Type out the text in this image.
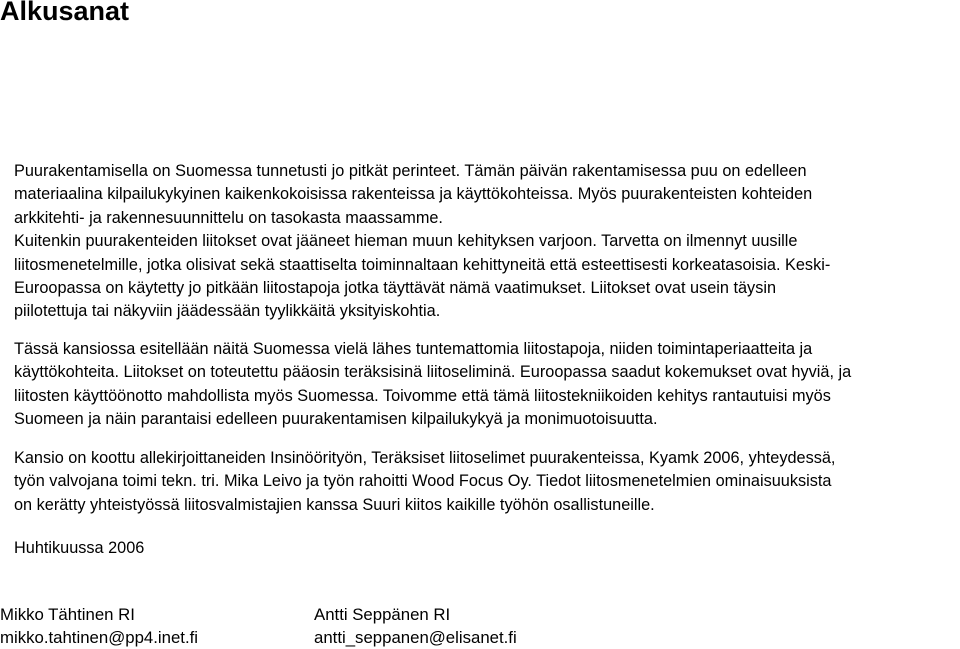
Alkusanat
Puurakentamisella on Suomessa tunnetusti jo pitkät perinteet. Tämän päivän rakentamisessa puu on edelleen
materiaalina kilpailukykyinen kaikenkokoisissa rakenteissa ja käyttökohteissa. Myös puurakenteisten kohteiden
arkkitehti- ja rakennesuunnittelu on tasokasta maassamme.
Kuitenkin puurakenteiden liitokset ovat jääneet hieman muun kehityksen varjoon. Tarvetta on ilmennyt uusille
liitosmenetelmille, jotka olisivat sekä staattiselta toiminnaltaan kehittyneitä että esteettisesti korkeatasoisia. Keski-
Euroopassa on käytetty jo pitkään liitostapoja jotka täyttävät nämä vaatimukset. Liitokset ovat usein täysin
piilotettuja tai näkyviin jäädessään tyylikkäitä yksityiskohtia.
Tässä kansiossa esitellään näitä Suomessa vielä lähes tuntemattomia liitostapoja, niiden toimintaperiaatteita ja
käyttökohteita. Liitokset on toteutettu pääosin teräksisinä liitoseliminä. Euroopassa saadut kokemukset ovat hyviä, ja
liitosten käyttöönotto mahdollista myös Suomessa. Toivomme että tämä liitostekniikoiden kehitys rantautuisi myös
Suomeen ja näin parantaisi edelleen puurakentamisen kilpailukykyä ja monimuotoisuutta.
Kansio on koottu allekirjoittaneiden Insinöörityön, Teräksiset liitoselimet puurakenteissa, Kyamk 2006, yhteydessä,
työn valvojana toimi tekn. tri. Mika Leivo ja työn rahoitti Wood Focus Oy. Tiedot liitosmenetelmien ominaisuuksista
on kerätty yhteistyössä liitosvalmistajien kanssa Suuri kiitos kaikille työhön osallistuneille.
Huhtikuussa 2006
Mikko Tähtinen RI
mikko.tahtinen@pp4.inet.fi
Antti Seppänen RI
antti_seppanen@elisanet.fi
